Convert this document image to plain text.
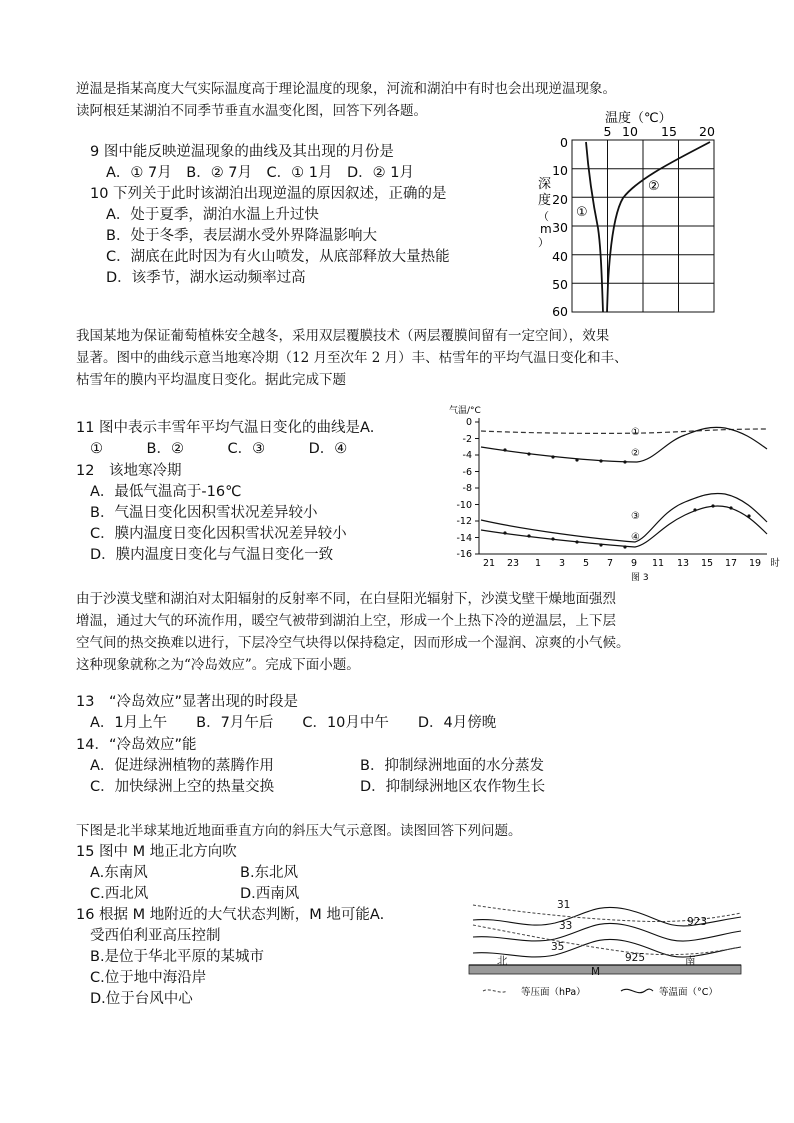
逆温是指某高度大气实际温度高于理论温度的现象，河流和湖泊中有时也会出现逆温现象。
读阿根廷某湖泊不同季节垂直水温变化图，回答下列各题。
9 图中能反映逆温现象的曲线及其出现的月份是
A．① 7月　B．② 7月　C．① 1月　D．② 1月
10 下列关于此时该湖泊出现逆温的原因叙述，正确的是
A．处于夏季，湖泊水温上升过快
B．处于冬季，表层湖水受外界降温影响大
C．湖底在此时因为有火山喷发，从底部释放大量热能
D．该季节，湖水运动频率过高
温度（℃）
5 10 15 20
0
10
20
30
40
50
60
深
度
（
m
）
①
②
我国某地为保证葡萄植株安全越冬，采用双层覆膜技术（两层覆膜间留有一定空间），效果
显著。图中的曲线示意当地寒冷期（12 月至次年 2 月）丰、枯雪年的平均气温日变化和丰、
枯雪年的膜内平均温度日变化。据此完成下题
11 图中表示丰雪年平均气温日变化的曲线是A.
①　　　B．②　　　C．③　　　D．④
12　该地寒冷期
A．最低气温高于-16℃
B．气温日变化因积雪状况差异较小
C．膜内温度日变化因积雪状况差异较小
D．膜内温度日变化与气温日变化一致
气温/°C
0
-2
-4
-6
-8
-10
-12
-14
-16
21 23 1 3 5 7 9 11 13 15 17 19 时
图 3
①
②
③
④
由于沙漠戈壁和湖泊对太阳辐射的反射率不同，在白昼阳光辐射下，沙漠戈壁干燥地面强烈
增温，通过大气的环流作用，暖空气被带到湖泊上空，形成一个上热下冷的逆温层，上下层
空气间的热交换难以进行，下层冷空气块得以保持稳定，因而形成一个湿润、凉爽的小气候。
这种现象就称之为“冷岛效应”。完成下面小题。
13　“冷岛效应”显著出现的时段是
A．1月上午　　B．7月午后　　C．10月中午　　D．4月傍晚
14．“冷岛效应”能
A．促进绿洲植物的蒸腾作用	B．抑制绿洲地面的水分蒸发
C．加快绿洲上空的热量交换	D．抑制绿洲地区农作物生长
下图是北半球某地近地面垂直方向的斜压大气示意图。读图回答下列问题。
15 图中 M 地正北方向吹
A.东南风	B.东北风
C.西北风	D.西南风
16 根据 M 地附近的大气状态判断，M 地可能A.
受西伯利亚高压控制
B.是位于华北平原的某城市
C.位于地中海沿岸
D.位于台风中心
31
33
35
923
925
北
M
南
等压面（hPa）	等温面（°C）
